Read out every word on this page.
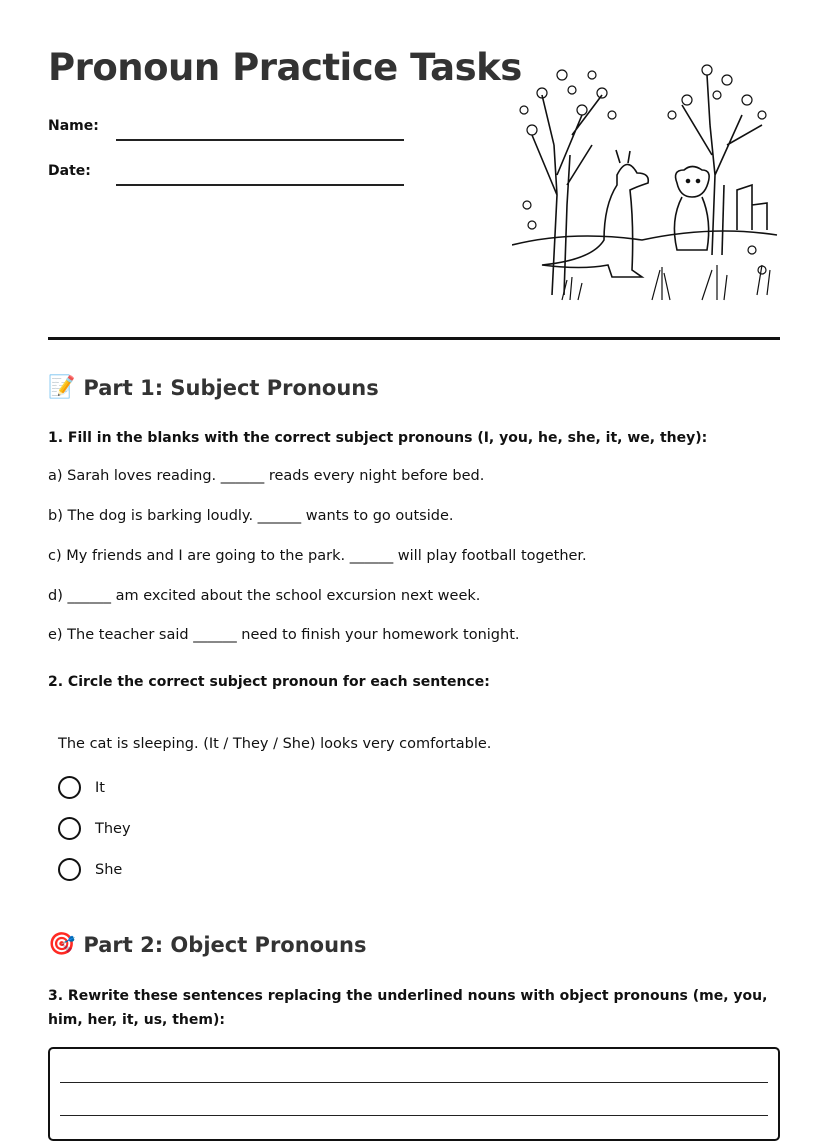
Pronoun Practice Tasks
Name:
Date:
📝 Part 1: Subject Pronouns
1. Fill in the blanks with the correct subject pronouns (I, you, he, she, it, we, they):
a) Sarah loves reading. ______ reads every night before bed.
b) The dog is barking loudly. ______ wants to go outside.
c) My friends and I are going to the park. ______ will play football together.
d) ______ am excited about the school excursion next week.
e) The teacher said ______ need to finish your homework tonight.
2. Circle the correct subject pronoun for each sentence:
The cat is sleeping. (It / They / She) looks very comfortable.
It
They
She
🎯 Part 2: Object Pronouns
3. Rewrite these sentences replacing the underlined nouns with object pronouns (me, you, him, her, it, us, them):
